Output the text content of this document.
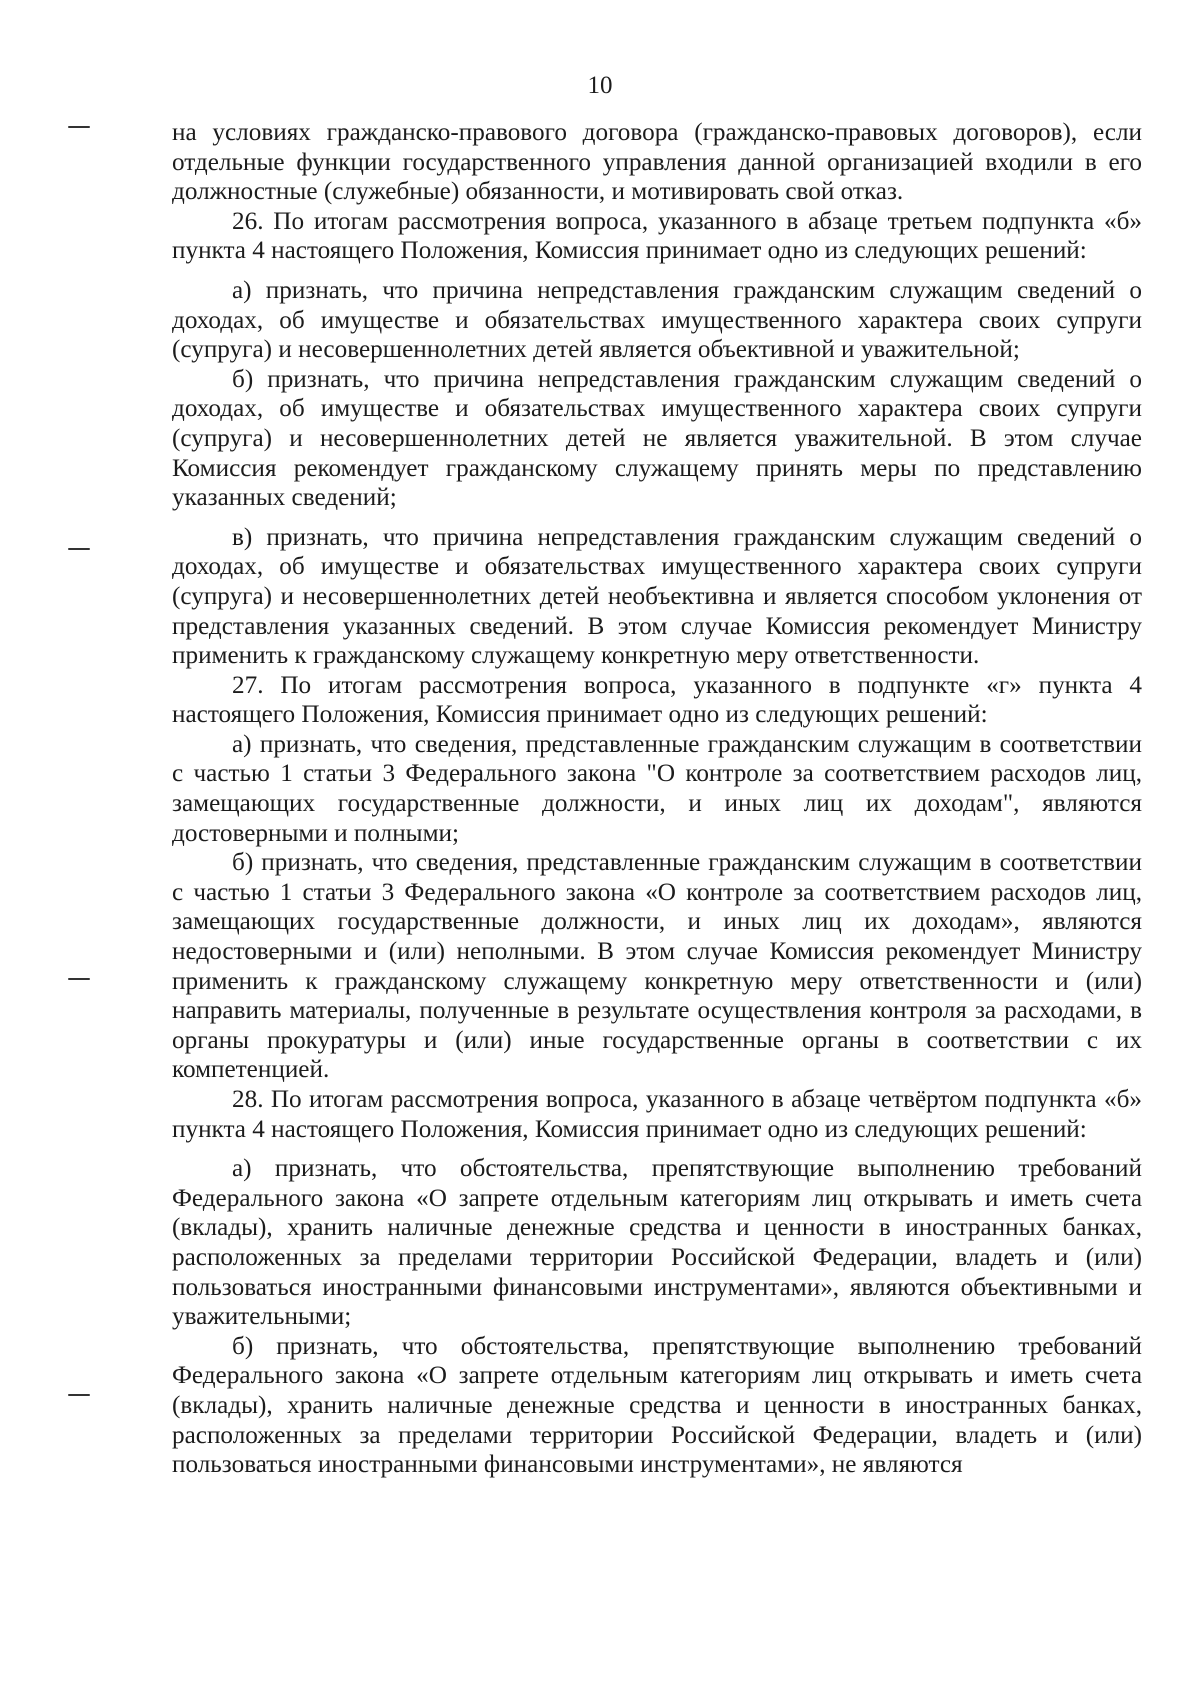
10

на условиях гражданско-правового договора (гражданско-правовых договоров), если отдельные функции государственного управления данной организацией входили в его должностные (служебные) обязанности, и мотивировать свой отказ.

26. По итогам рассмотрения вопроса, указанного в абзаце третьем подпункта «б» пункта 4 настоящего Положения, Комиссия принимает одно из следующих решений:

а) признать, что причина непредставления гражданским служащим сведений о доходах, об имуществе и обязательствах имущественного характера своих супруги (супруга) и несовершеннолетних детей является объективной и уважительной;

б) признать, что причина непредставления гражданским служащим сведений о доходах, об имуществе и обязательствах имущественного характера своих супруги (супруга) и несовершеннолетних детей не является уважительной. В этом случае Комиссия рекомендует гражданскому служащему принять меры по представлению указанных сведений;

в) признать, что причина непредставления гражданским служащим сведений о доходах, об имуществе и обязательствах имущественного характера своих супруги (супруга) и несовершеннолетних детей необъективна и является способом уклонения от представления указанных сведений. В этом случае Комиссия рекомендует Министру применить к гражданскому служащему конкретную меру ответственности.

27. По итогам рассмотрения вопроса, указанного в подпункте «г» пункта 4 настоящего Положения, Комиссия принимает одно из следующих решений:

а) признать, что сведения, представленные гражданским служащим в соответствии с частью 1 статьи 3 Федерального закона "О контроле за соответствием расходов лиц, замещающих государственные должности, и иных лиц их доходам", являются достоверными и полными;

б) признать, что сведения, представленные гражданским служащим в соответствии с частью 1 статьи 3 Федерального закона «О контроле за соответствием расходов лиц, замещающих государственные должности, и иных лиц их доходам», являются недостоверными и (или) неполными. В этом случае Комиссия рекомендует Министру применить к гражданскому служащему конкретную меру ответственности и (или) направить материалы, полученные в результате осуществления контроля за расходами, в органы прокуратуры и (или) иные государственные органы в соответствии с их компетенцией.

28. По итогам рассмотрения вопроса, указанного в абзаце четвёртом подпункта «б» пункта 4 настоящего Положения, Комиссия принимает одно из следующих решений:

а) признать, что обстоятельства, препятствующие выполнению требований Федерального закона «О запрете отдельным категориям лиц открывать и иметь счета (вклады), хранить наличные денежные средства и ценности в иностранных банках, расположенных за пределами территории Российской Федерации, владеть и (или) пользоваться иностранными финансовыми инструментами», являются объективными и уважительными;

б) признать, что обстоятельства, препятствующие выполнению требований Федерального закона «О запрете отдельным категориям лиц открывать и иметь счета (вклады), хранить наличные денежные средства и ценности в иностранных банках, расположенных за пределами территории Российской Федерации, владеть и (или) пользоваться иностранными финансовыми инструментами», не являются
